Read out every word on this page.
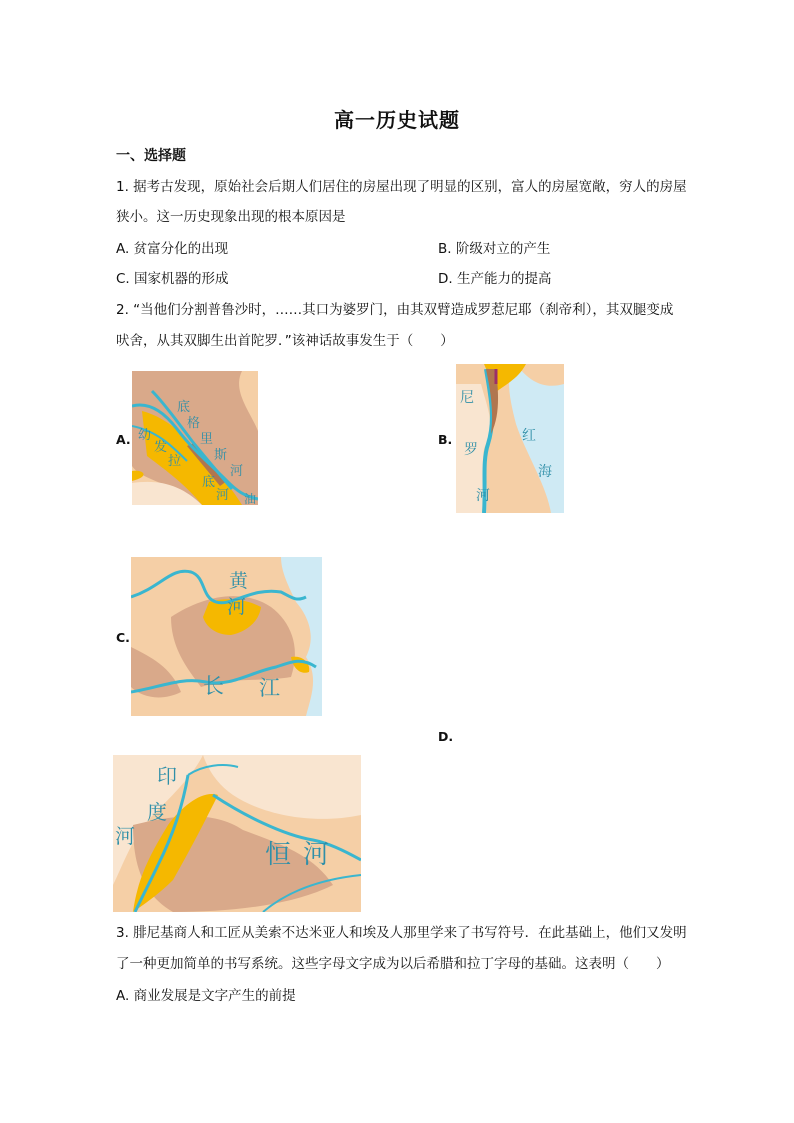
高一历史试题
一、选择题
1. 据考古发现，原始社会后期人们居住的房屋出现了明显的区别，富人的房屋宽敞，穷人的房屋
狭小。这一历史现象出现的根本原因是
A. 贫富分化的出现	B. 阶级对立的产生
C. 国家机器的形成	D. 生产能力的提高
2. “当他们分割普鲁沙时，……其口为婆罗门，由其双臂造成罗惹尼耶（刹帝利），其双腿变成
吠舍，从其双脚生出首陀罗．”该神话故事发生于（　　）
A.	B.
C.
D.
底
格
里
斯
河
底
河
幼
发
拉
油
尼
罗
河
红
海
黄
河
长 江
印
度
河
恒 河
3. 腓尼基商人和工匠从美索不达米亚人和埃及人那里学来了书写符号．在此基础上，他们又发明
了一种更加简单的书写系统。这些字母文字成为以后希腊和拉丁字母的基础。这表明（　　）
A. 商业发展是文字产生的前提
